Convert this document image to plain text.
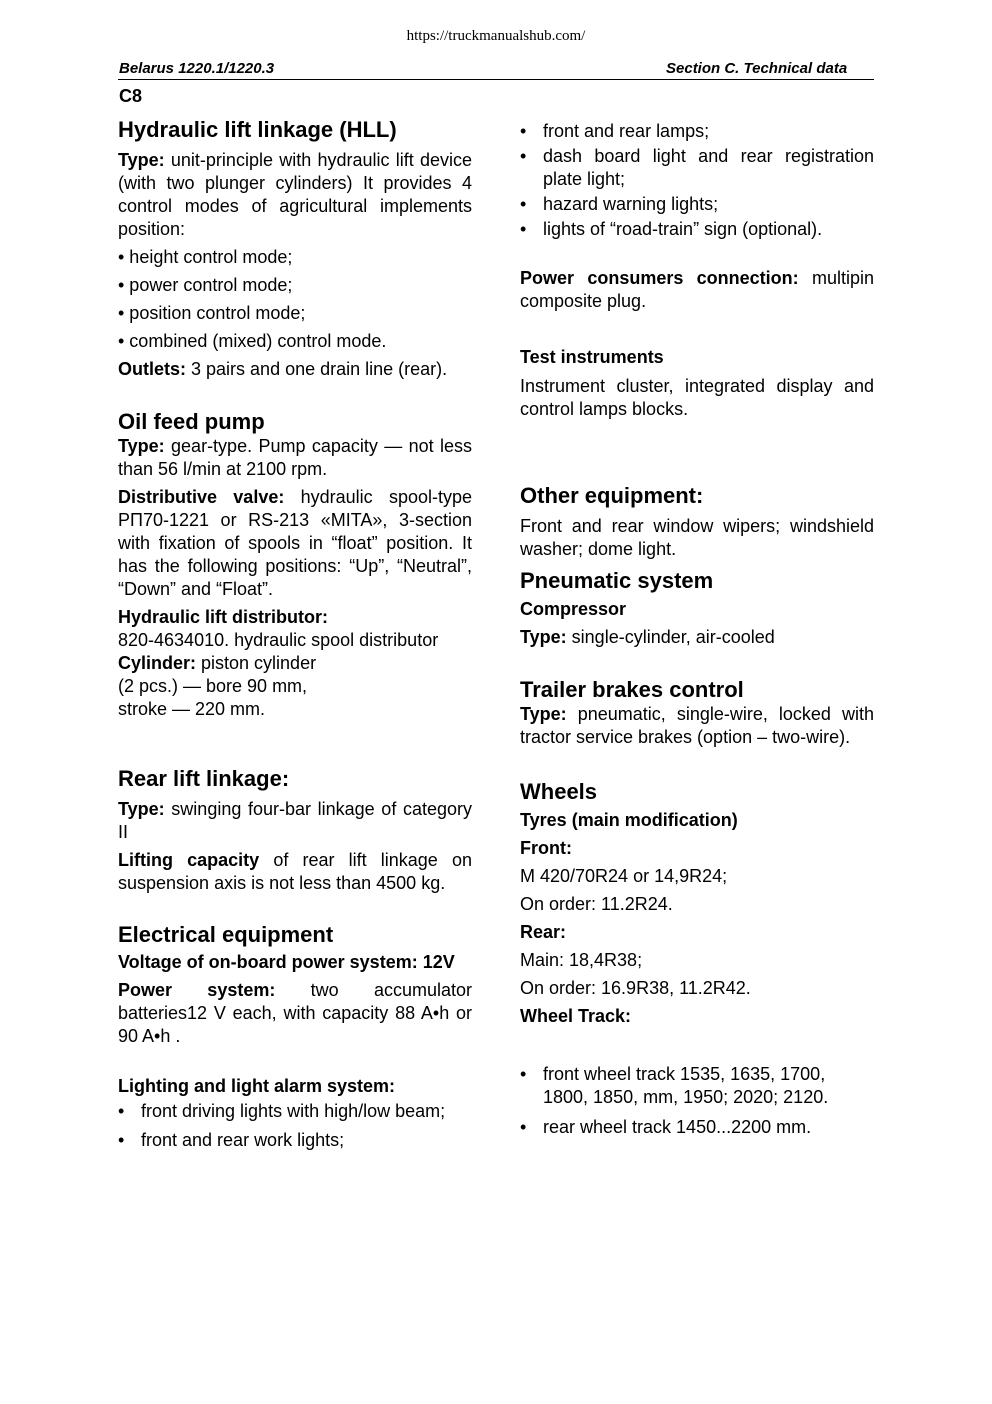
https://truckmanualshub.com/
Belarus 1220.1/1220.3	Section C. Technical data
C8
Hydraulic lift linkage (HLL)

Type: unit-principle with hydraulic lift device (with two plunger cylinders) It provides 4 control modes of agricultural implements position:

• height control mode;

• power control mode;

• position control mode;

• combined (mixed) control mode.

Outlets: 3 pairs and one drain line (rear).

Oil feed pump

Type: gear-type. Pump capacity — not less than 56 l/min at 2100 rpm.

Distributive valve: hydraulic spool-type РП70-1221 or RS-213 «MITA», 3-section with fixation of spools in “float” position. It has the following positions: “Up”, “Neutral”, “Down” and “Float”.

Hydraulic lift distributor:

820-4634010. hydraulic spool distributor

Cylinder: piston cylinder

(2 pcs.) — bore 90 mm,

stroke — 220 mm.

Rear lift linkage:

Type: swinging four-bar linkage of category II

Lifting capacity of rear lift linkage on suspension axis is not less than 4500 kg.

Electrical equipment

Voltage of on-board power system: 12V

Power system: two accumulator batteries12 V each, with capacity 88 A•h or 90 A•h .

Lighting and light alarm system:

• front driving lights with high/low beam;
• front and rear work lights;
• front and rear lamps;
• dash board light and rear registration plate light;
• hazard warning lights;
• lights of “road-train” sign (optional).

Power consumers connection: multipin composite plug.

Test instruments

Instrument cluster, integrated display and control lamps blocks.

Other equipment:

Front and rear window wipers; windshield washer; dome light.

Pneumatic system

Compressor

Type: single-cylinder, air-cooled

Trailer brakes control

Type: pneumatic, single-wire, locked with tractor service brakes (option – two-wire).

Wheels

Tyres (main modification)

Front:

M 420/70R24 or 14,9R24;

On order: 11.2R24.

Rear:

Main: 18,4R38;

On order: 16.9R38, 11.2R42.

Wheel Track:

• front wheel track 1535, 1635, 1700, 1800, 1850, mm, 1950; 2020; 2120.
• rear wheel track 1450...2200 mm.
